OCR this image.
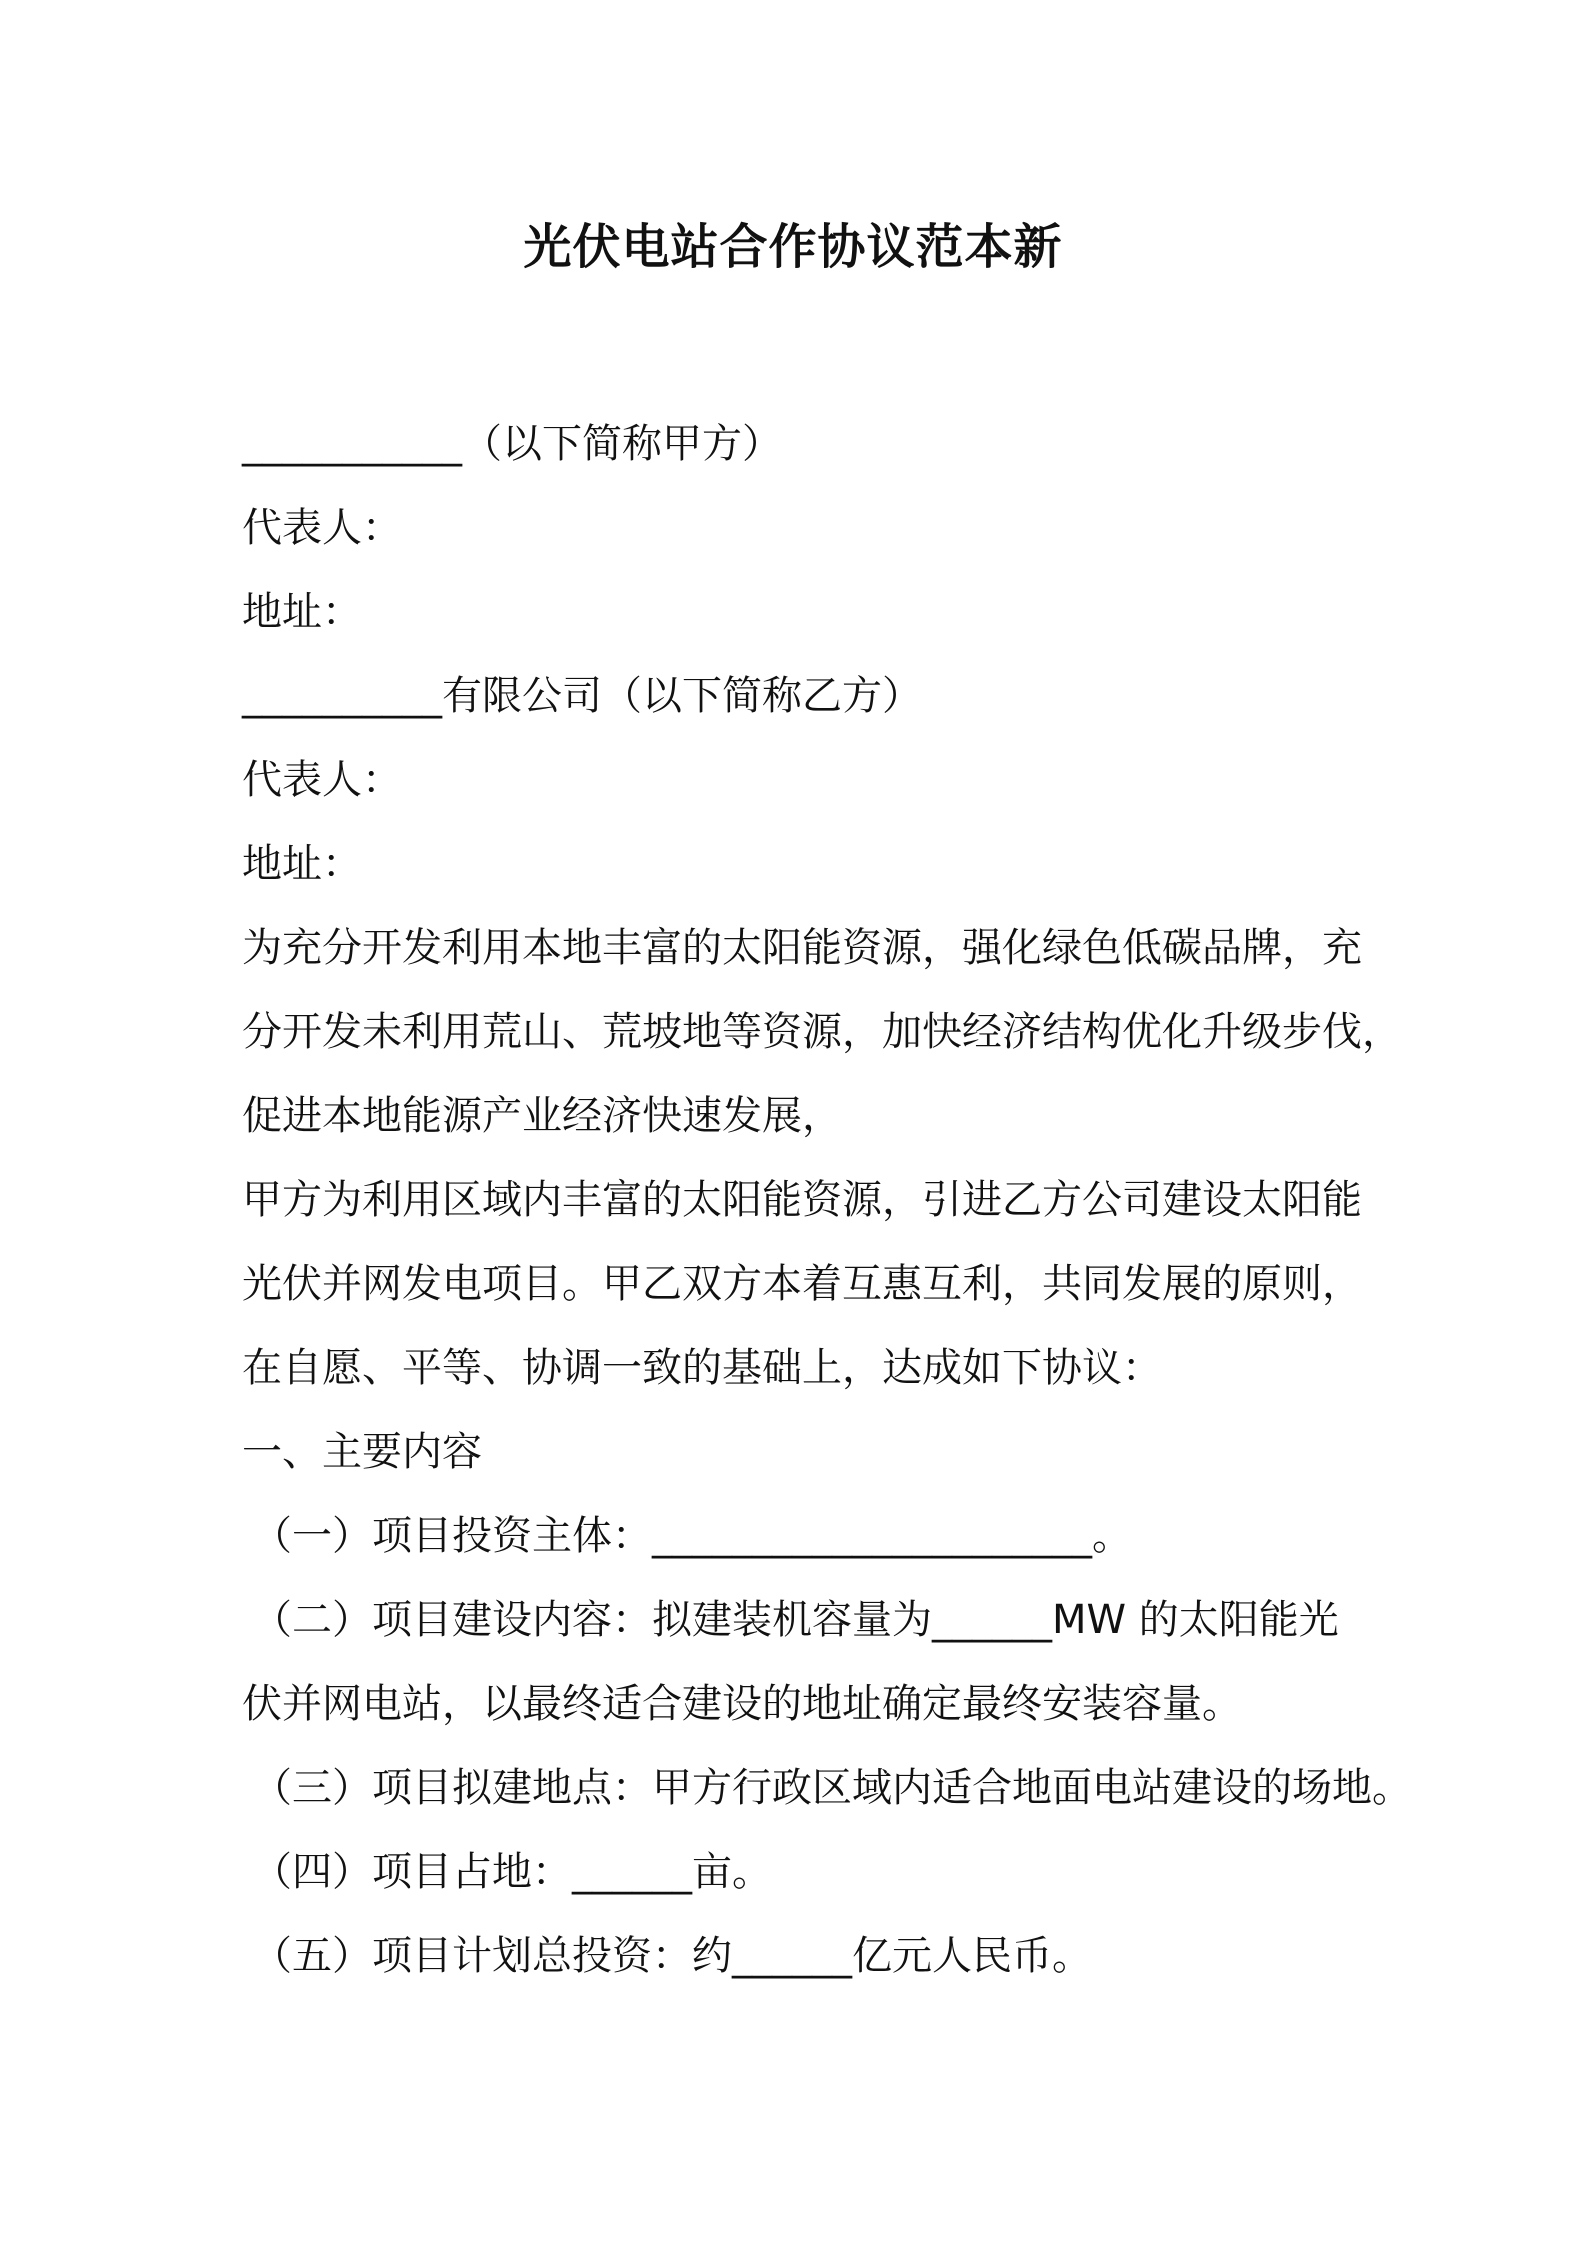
光伏电站合作协议范本新
___________（以下简称甲方）
代表人：
地址：
__________有限公司（以下简称乙方）
代表人：
地址：
为充分开发利用本地丰富的太阳能资源，强化绿色低碳品牌，充
分开发未利用荒山、荒坡地等资源，加快经济结构优化升级步伐，
促进本地能源产业经济快速发展，
甲方为利用区域内丰富的太阳能资源，引进乙方公司建设太阳能
光伏并网发电项目。甲乙双方本着互惠互利，共同发展的原则，
在自愿、平等、协调一致的基础上，达成如下协议：
一、主要内容
（一）项目投资主体：______________________。
（二）项目建设内容：拟建装机容量为______MW 的太阳能光
伏并网电站，以最终适合建设的地址确定最终安装容量。
（三）项目拟建地点：甲方行政区域内适合地面电站建设的场地。
（四）项目占地：______亩。
（五）项目计划总投资：约______亿元人民币。
